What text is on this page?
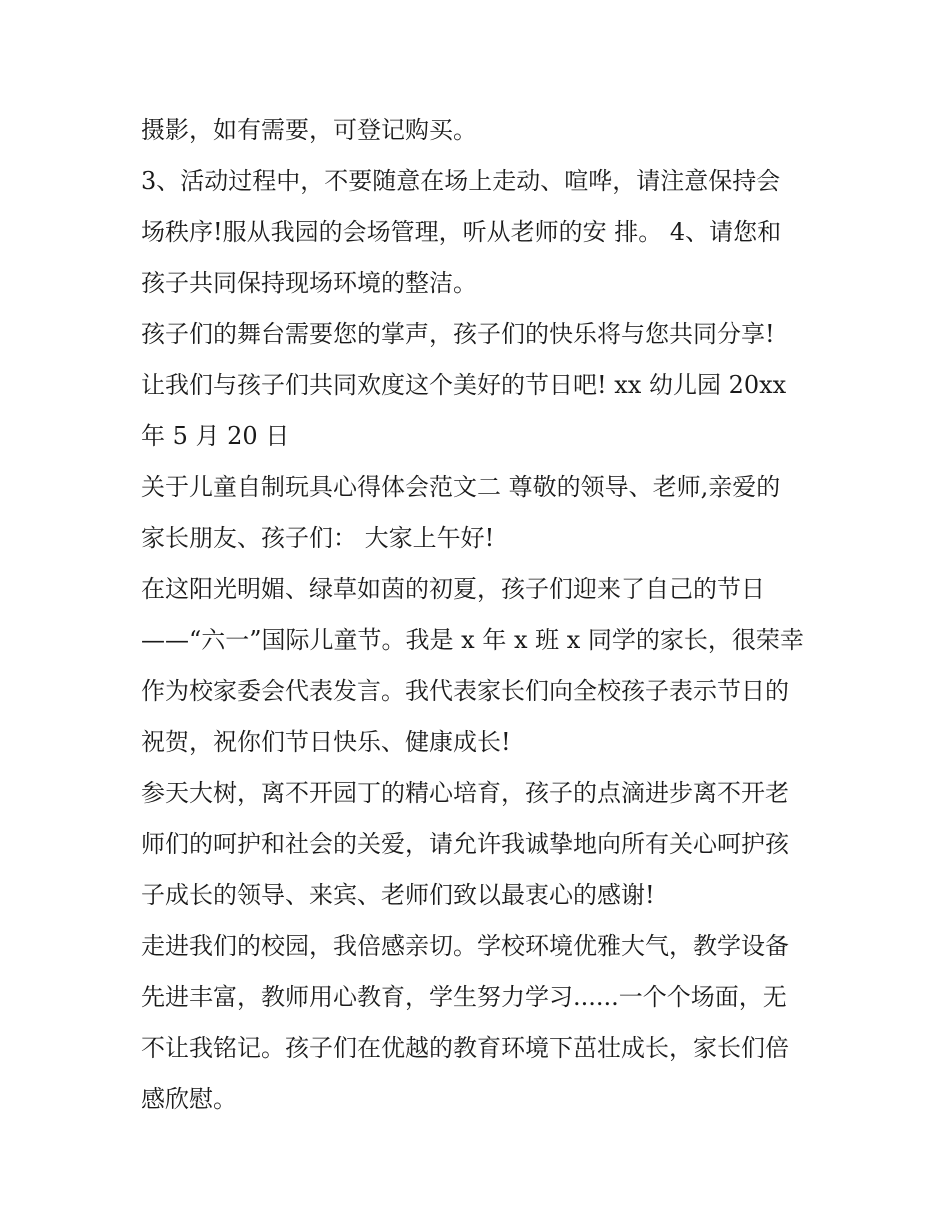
摄影，如有需要，可登记购买。
3、活动过程中，不要随意在场上走动、喧哗，请注意保持会
场秩序!服从我园的会场管理，听从老师的安 排。 4、请您和
孩子共同保持现场环境的整洁。
孩子们的舞台需要您的掌声，孩子们的快乐将与您共同分享!
让我们与孩子们共同欢度这个美好的节日吧! xx 幼儿园 20xx
年 5 月 20 日
关于儿童自制玩具心得体会范文二 尊敬的领导、老师,亲爱的
家长朋友、孩子们： 大家上午好!
在这阳光明媚、绿草如茵的初夏，孩子们迎来了自己的节日
——“六一”国际儿童节。我是 x 年 x 班 x 同学的家长，很荣幸
作为校家委会代表发言。我代表家长们向全校孩子表示节日的
祝贺，祝你们节日快乐、健康成长!
参天大树，离不开园丁的精心培育，孩子的点滴进步离不开老
师们的呵护和社会的关爱，请允许我诚挚地向所有关心呵护孩
子成长的领导、来宾、老师们致以最衷心的感谢!
走进我们的校园，我倍感亲切。学校环境优雅大气，教学设备
先进丰富，教师用心教育，学生努力学习......一个个场面，无
不让我铭记。孩子们在优越的教育环境下茁壮成长，家长们倍
感欣慰。
